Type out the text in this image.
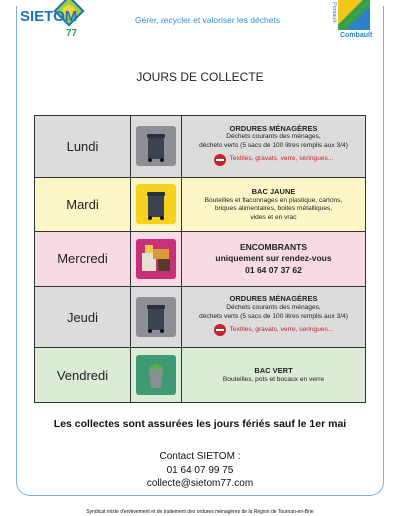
SIETOM
77
Gérer, recycler et valoriser les déchets	Pontault-
Combault
JOURS DE COLLECTE
Lundi		ORDURES MÉNAGÈRES
Déchets courants des ménages,
déchets verts (5 sacs de 100 litres remplis aux 3/4)
Textiles, gravats, verre, seringues...

Mardi		BAC JAUNE
Bouteilles et flaconnages en plastique, cartons,
briques alimentaires, boites métalliques,
vides et en vrac

Mercredi		ENCOMBRANTS
uniquement sur rendez-vous
01 64 07 37 62

Jeudi		ORDURES MÉNAGÈRES
Déchets courants des ménages,
déchets verts (5 sacs de 100 litres remplis aux 3/4)
Textiles, gravats, verre, seringues...

Vendredi		BAC VERT
Bouteilles, pots et bocaux en verre
Les collectes sont assurées les jours fériés sauf le 1er mai
Contact SIETOM :
01 64 07 99 75
collecte@sietom77.com
Syndicat mixte d'enlèvement et de traitement des ordures ménagères de la Région de Tournan-en-Brie
